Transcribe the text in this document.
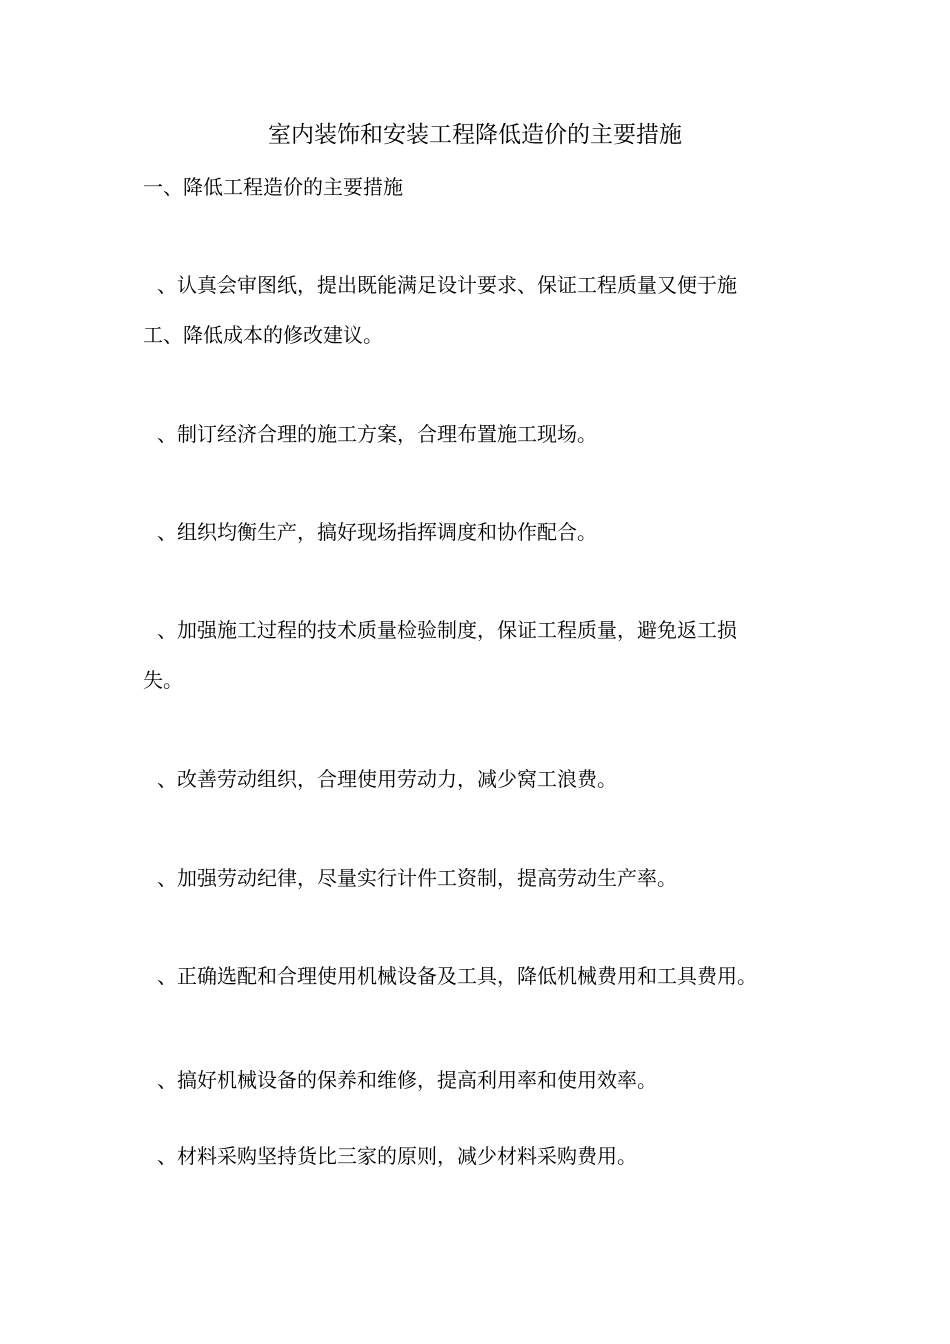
室内装饰和安装工程降低造价的主要措施
一、降低工程造价的主要措施
、认真会审图纸，提出既能满足设计要求、保证工程质量又便于施
工、降低成本的修改建议。
、制订经济合理的施工方案，合理布置施工现场。
、组织均衡生产，搞好现场指挥调度和协作配合。
、加强施工过程的技术质量检验制度，保证工程质量，避免返工损
失。
、改善劳动组织，合理使用劳动力，减少窝工浪费。
、加强劳动纪律，尽量实行计件工资制，提高劳动生产率。
、正确选配和合理使用机械设备及工具，降低机械费用和工具费用。
、搞好机械设备的保养和维修，提高利用率和使用效率。
、材料采购坚持货比三家的原则，减少材料采购费用。
